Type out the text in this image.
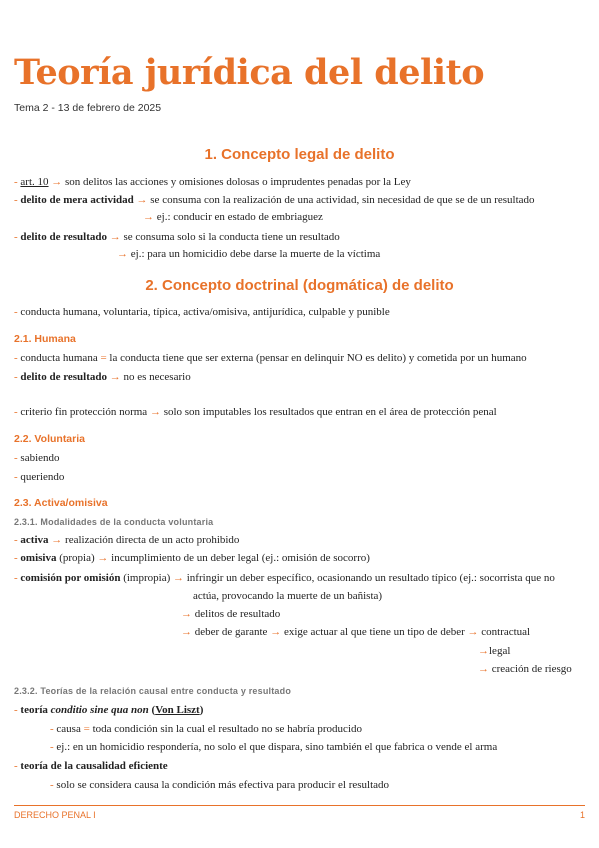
Teoría jurídica del delito
Tema 2 - 13 de febrero de 2025
1. Concepto legal de delito
- art. 10 → son delitos las acciones y omisiones dolosas o imprudentes penadas por la Ley
- delito de mera actividad → se consuma con la realización de una actividad, sin necesidad de que se de un resultado
→ ej.: conducir en estado de embriaguez
- delito de resultado → se consuma solo si la conducta tiene un resultado
→ ej.: para un homicidio debe darse la muerte de la víctima
2. Concepto doctrinal (dogmática) de delito
- conducta humana, voluntaria, típica, activa/omisiva, antijurídica, culpable y punible
2.1. Humana
- conducta humana = la conducta tiene que ser externa (pensar en delinquir NO es delito) y cometida por un humano
- delito de resultado → no es necesario
- criterio fin protección norma → solo son imputables los resultados que entran en el área de protección penal
2.2. Voluntaria
- sabiendo
- queriendo
2.3. Activa/omisiva
2.3.1. Modalidades de la conducta voluntaria
- activa → realización directa de un acto prohibido
- omisiva (propia) → incumplimiento de un deber legal (ej.: omisión de socorro)
- comisión por omisión (impropia) → infringir un deber específico, ocasionando un resultado típico (ej.: socorrista que no
actúa, provocando la muerte de un bañista)
→ delitos de resultado
→ deber de garante → exige actuar al que tiene un tipo de deber → contractual
→legal
→ creación de riesgo
2.3.2. Teorías de la relación causal entre conducta y resultado
- teoría conditio sine qua non (Von Liszt)
- causa = toda condición sin la cual el resultado no se habría producido
- ej.: en un homicidio respondería, no solo el que dispara, sino también el que fabrica o vende el arma
- teoría de la causalidad eficiente
- solo se considera causa la condición más efectiva para producir el resultado
DERECHO PENAL I	1
